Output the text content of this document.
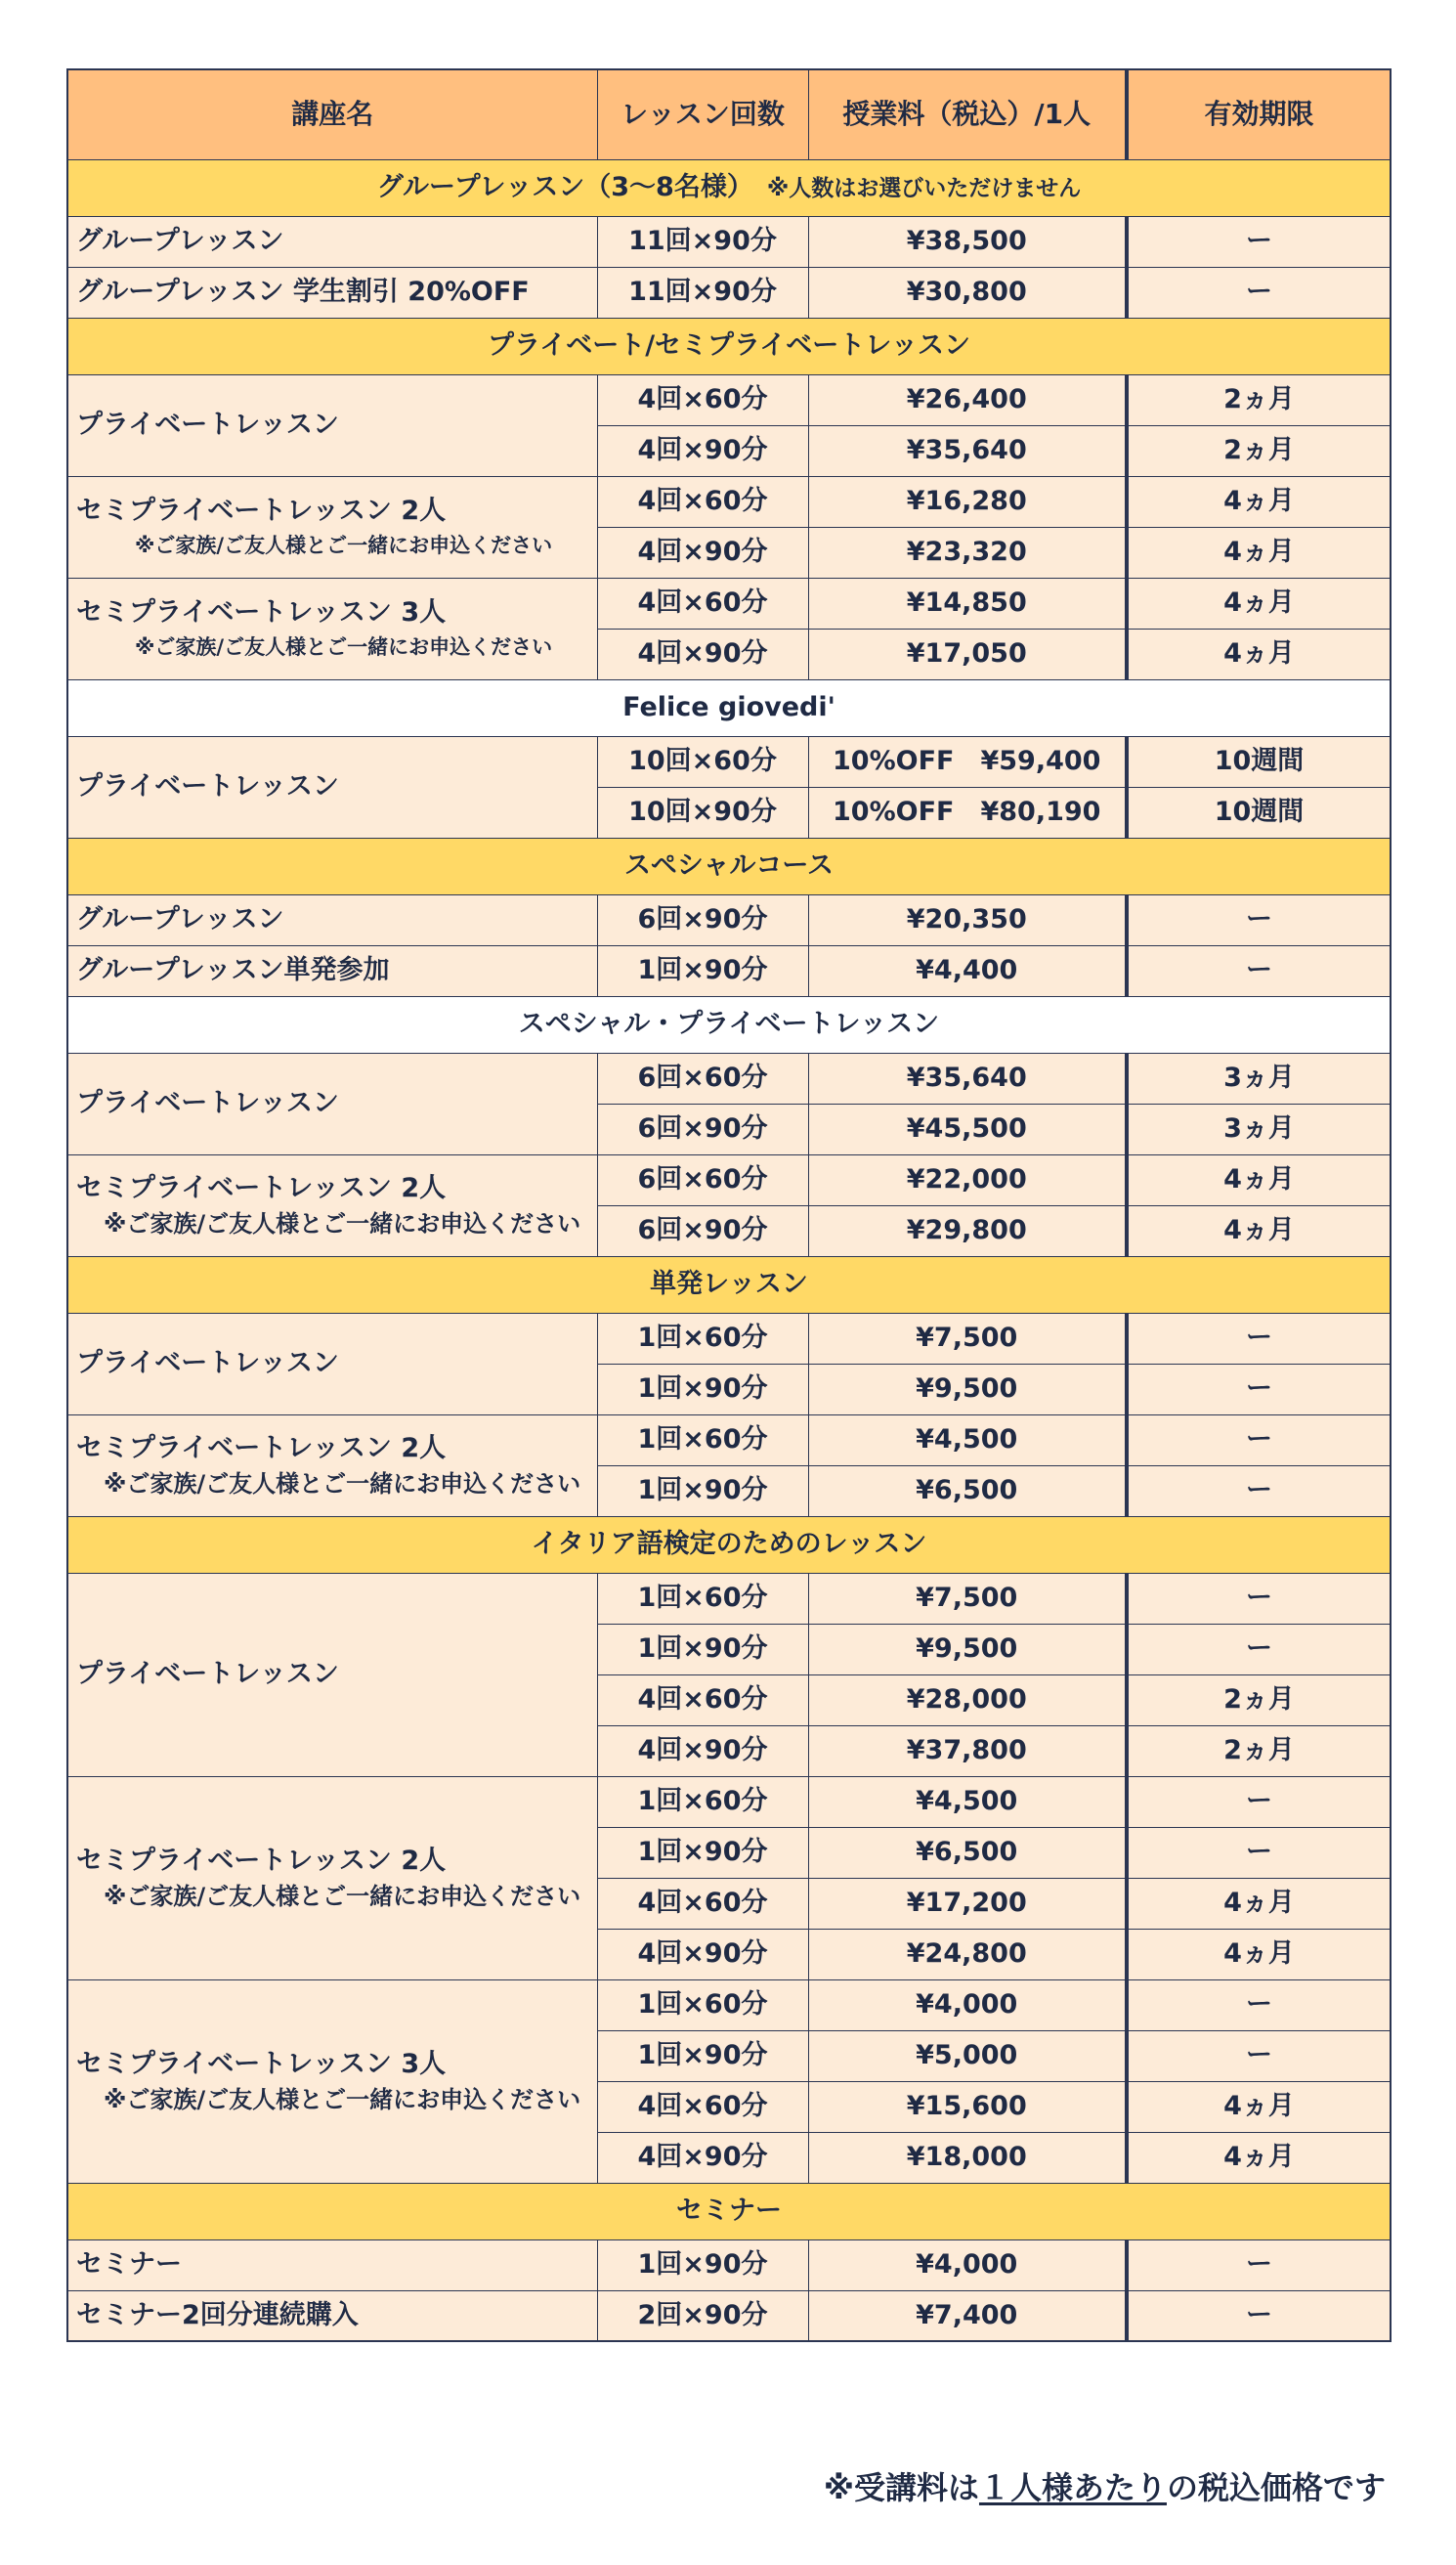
講座名	レッスン回数	授業料（税込）/1人	有効期限
グループレッスン（3〜8名様） ※人数はお選びいただけません			

グループレッスン	11回×90分	¥38,500	ー

グループレッスン 学生割引 20%OFF	11回×90分	¥30,800	ー
プライベート/セミプライベートレッスン			

プライベートレッスン	4回×60分	¥26,400	2ヵ月
	4回×90分	¥35,640	2ヵ月

セミプライベートレッスン 2人
※ご家族/ご友人様とご一緒にお申込ください	4回×60分	¥16,280	4ヵ月
	4回×90分	¥23,320	4ヵ月

セミプライベートレッスン 3人
※ご家族/ご友人様とご一緒にお申込ください	4回×60分	¥14,850	4ヵ月
	4回×90分	¥17,050	4ヵ月
Felice giovedi'			

プライベートレッスン	10回×60分	10%OFF　¥59,400	10週間
	10回×90分	10%OFF　¥80,190	10週間
スペシャルコース			

グループレッスン	6回×90分	¥20,350	ー

グループレッスン単発参加	1回×90分	¥4,400	ー
スペシャル・プライベートレッスン			

プライベートレッスン	6回×60分	¥35,640	3ヵ月
	6回×90分	¥45,500	3ヵ月

セミプライベートレッスン 2人
※ご家族/ご友人様とご一緒にお申込ください	6回×60分	¥22,000	4ヵ月
	6回×90分	¥29,800	4ヵ月
単発レッスン			

プライベートレッスン	1回×60分	¥7,500	ー
	1回×90分	¥9,500	ー

セミプライベートレッスン 2人
※ご家族/ご友人様とご一緒にお申込ください	1回×60分	¥4,500	ー
	1回×90分	¥6,500	ー
イタリア語検定のためのレッスン			

プライベートレッスン	1回×60分	¥7,500	ー
	1回×90分	¥9,500	ー
	4回×60分	¥28,000	2ヵ月
	4回×90分	¥37,800	2ヵ月

セミプライベートレッスン 2人
※ご家族/ご友人様とご一緒にお申込ください	1回×60分	¥4,500	ー
	1回×90分	¥6,500	ー
	4回×60分	¥17,200	4ヵ月
	4回×90分	¥24,800	4ヵ月

セミプライベートレッスン 3人
※ご家族/ご友人様とご一緒にお申込ください	1回×60分	¥4,000	ー
	1回×90分	¥5,000	ー
	4回×60分	¥15,600	4ヵ月
	4回×90分	¥18,000	4ヵ月
セミナー			

セミナー	1回×90分	¥4,000	ー

セミナー2回分連続購入	2回×90分	¥7,400	ー
※受講料は１人様あたりの税込価格です
